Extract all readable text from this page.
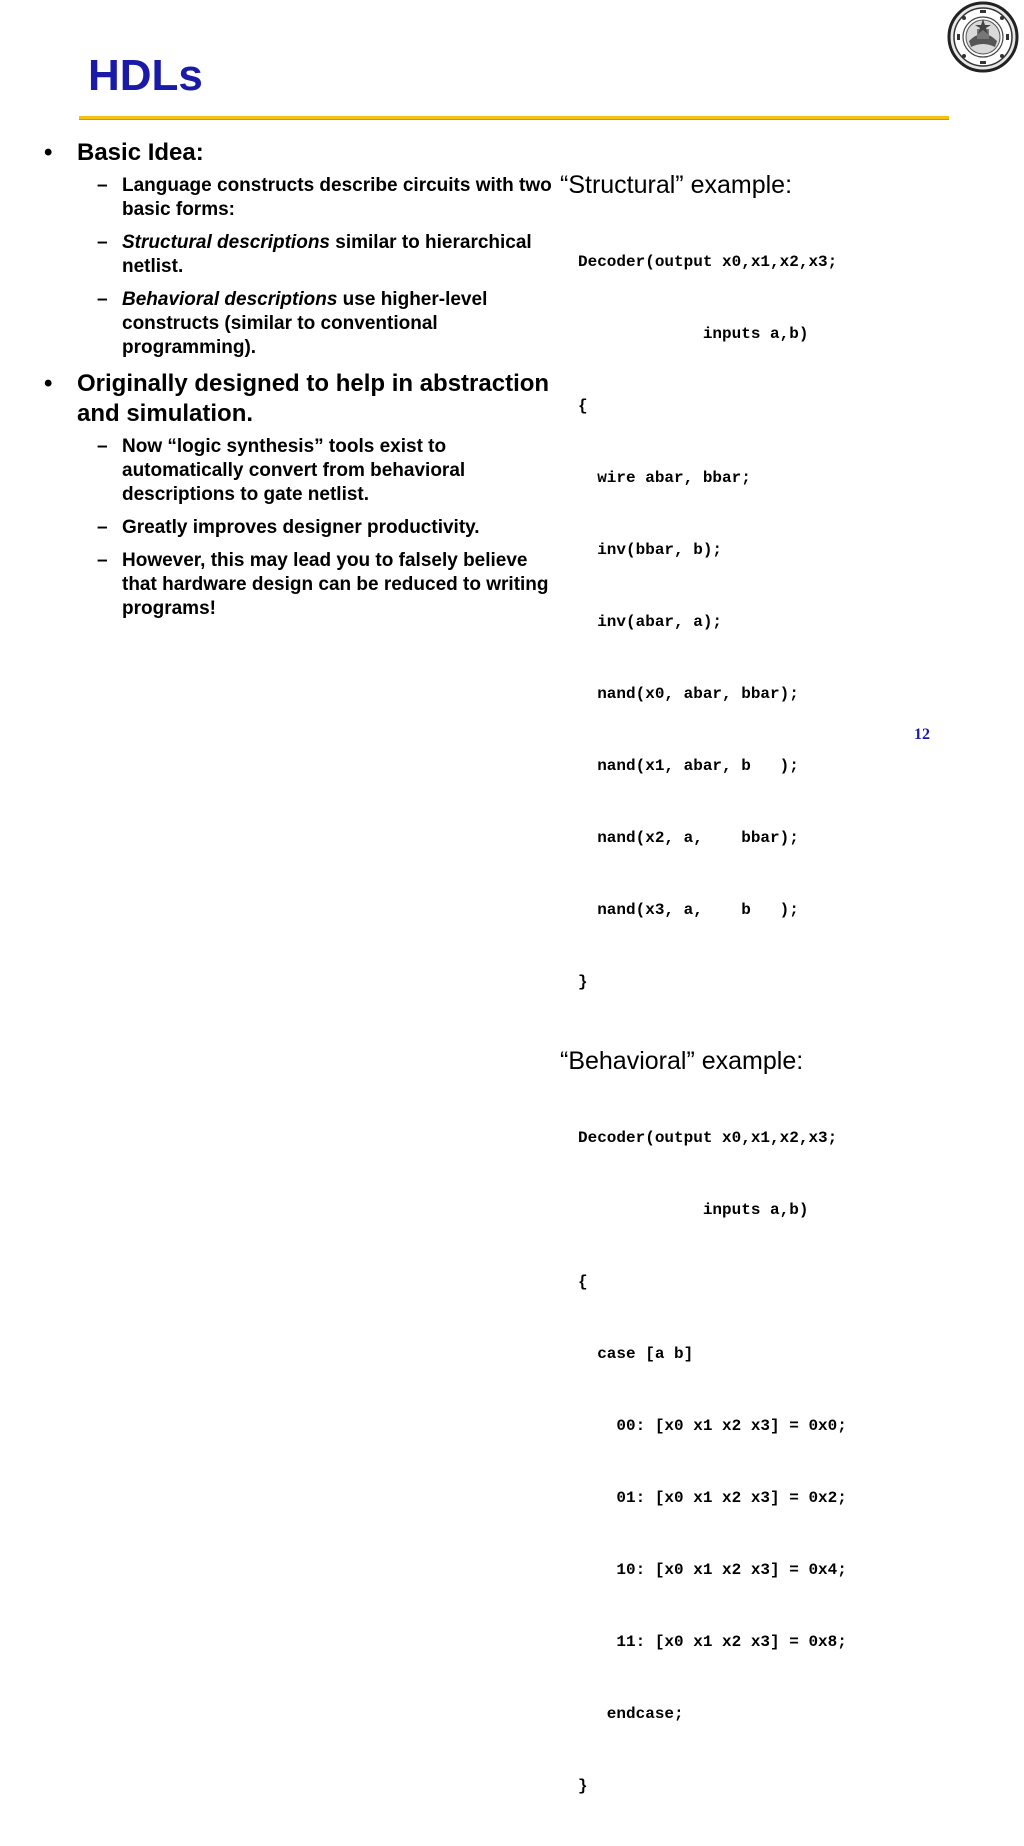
HDLs
• Basic Idea:
– Language constructs describe circuits with two basic forms:
– Structural descriptions similar to hierarchical netlist.
– Behavioral descriptions use higher-level constructs (similar to conventional programming).
• Originally designed to help in abstraction and simulation.
– Now “logic synthesis” tools exist to automatically convert from behavioral descriptions to gate netlist.
– Greatly improves designer productivity.
– However, this may lead you to falsely believe that hardware design can be reduced to writing programs!
“Structural” example:

Decoder(output x0,x1,x2,x3;

inputs a,b)

{

wire abar, bbar;

inv(bbar, b);

inv(abar, a);

nand(x0, abar, bbar);

nand(x1, abar, b   );

nand(x2, a,    bbar);

nand(x3, a,    b   );

}

“Behavioral” example:

Decoder(output x0,x1,x2,x3;

inputs a,b)

{

case [a b]

00: [x0 x1 x2 x3] = 0x0;

01: [x0 x1 x2 x3] = 0x2;

10: [x0 x1 x2 x3] = 0x4;

11: [x0 x1 x2 x3] = 0x8;

endcase;

}

12
